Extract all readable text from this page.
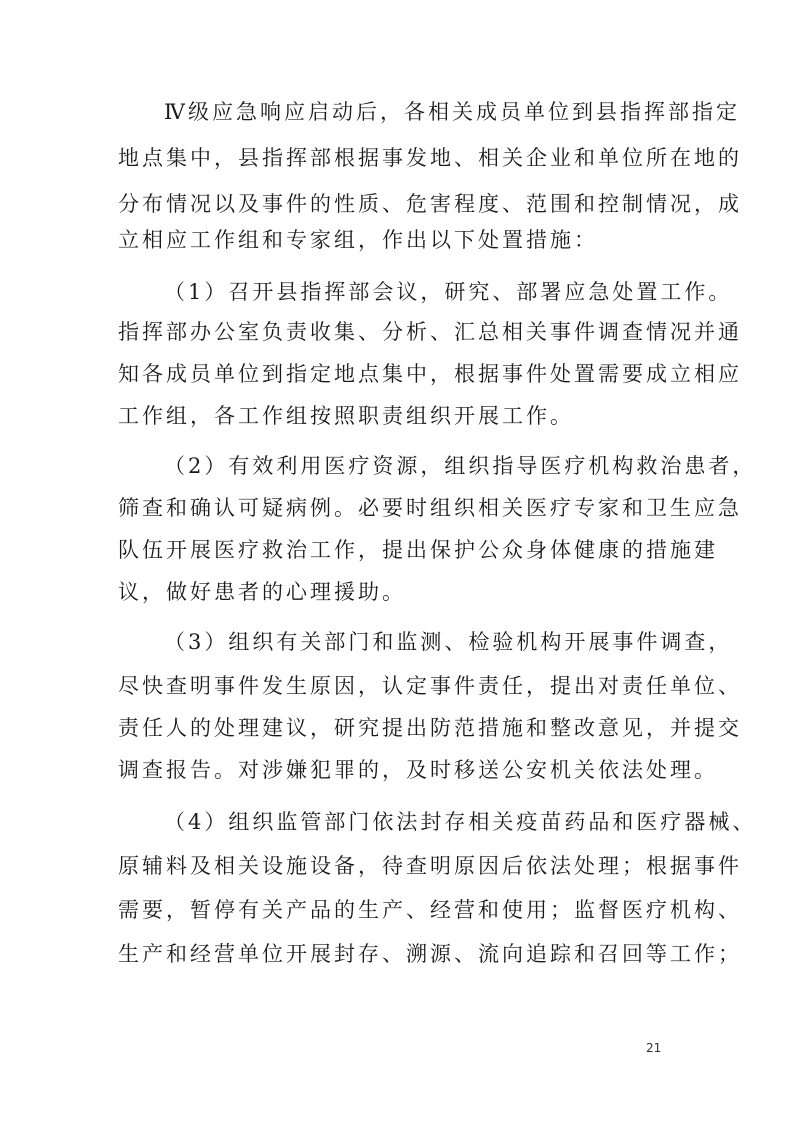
Ⅳ级应急响应启动后，各相关成员单位到县指挥部指定
地点集中，县指挥部根据事发地、相关企业和单位所在地的
分布情况以及事件的性质、危害程度、范围和控制情况，成
立相应工作组和专家组，作出以下处置措施：
（1）召开县指挥部会议，研究、部署应急处置工作。
指挥部办公室负责收集、分析、汇总相关事件调查情况并通
知各成员单位到指定地点集中，根据事件处置需要成立相应
工作组，各工作组按照职责组织开展工作。
（2）有效利用医疗资源，组织指导医疗机构救治患者，
筛查和确认可疑病例。必要时组织相关医疗专家和卫生应急
队伍开展医疗救治工作，提出保护公众身体健康的措施建
议，做好患者的心理援助。
（3）组织有关部门和监测、检验机构开展事件调查，
尽快查明事件发生原因，认定事件责任，提出对责任单位、
责任人的处理建议，研究提出防范措施和整改意见，并提交
调查报告。对涉嫌犯罪的，及时移送公安机关依法处理。
（4）组织监管部门依法封存相关疫苗药品和医疗器械、
原辅料及相关设施设备，待查明原因后依法处理；根据事件
需要，暂停有关产品的生产、经营和使用；监督医疗机构、
生产和经营单位开展封存、溯源、流向追踪和召回等工作；
21
